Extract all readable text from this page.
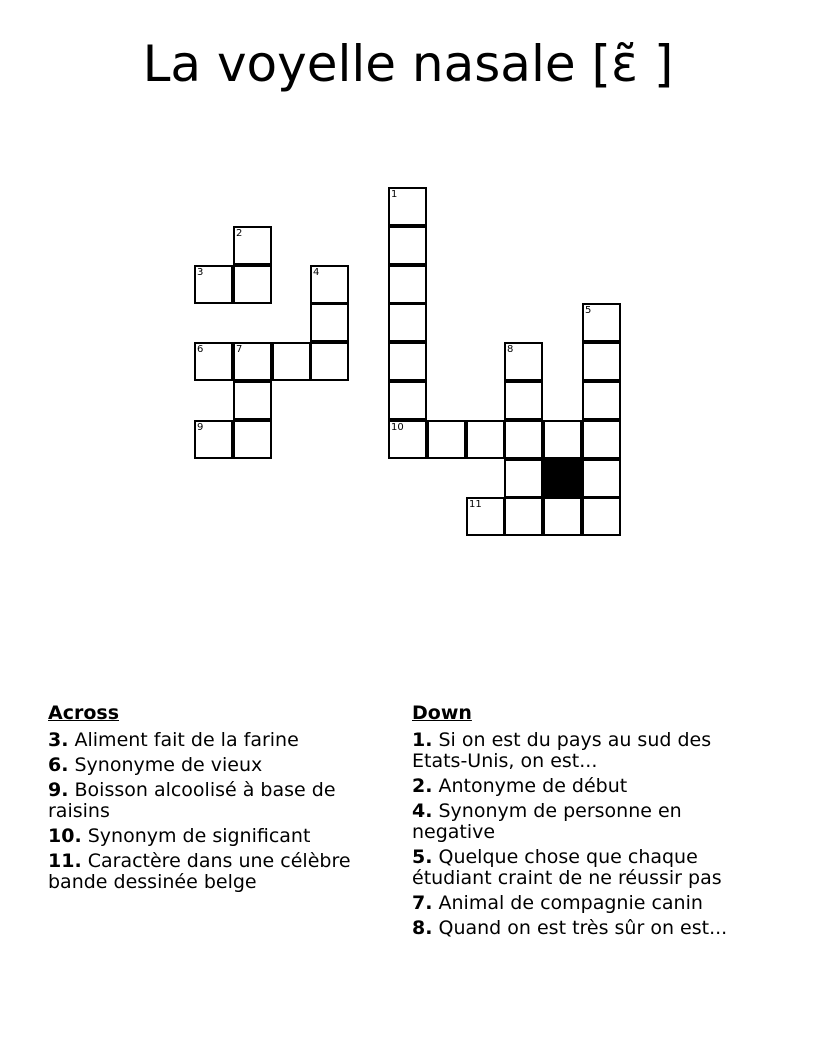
La voyelle nasale [ɛ̃ ]
1
2
3	4
5
6	7	8
9	10
11
Across
3. Aliment fait de la farine
6. Synonyme de vieux
9. Boisson alcoolisé à base de raisins
10. Synonym de significant
11. Caractère dans une célèbre bande dessinée belge
Down
1. Si on est du pays au sud des Etats-Unis, on est...
2. Antonyme de début
4. Synonym de personne en negative
5. Quelque chose que chaque étudiant craint de ne réussir pas
7. Animal de compagnie canin
8. Quand on est très sûr on est...
